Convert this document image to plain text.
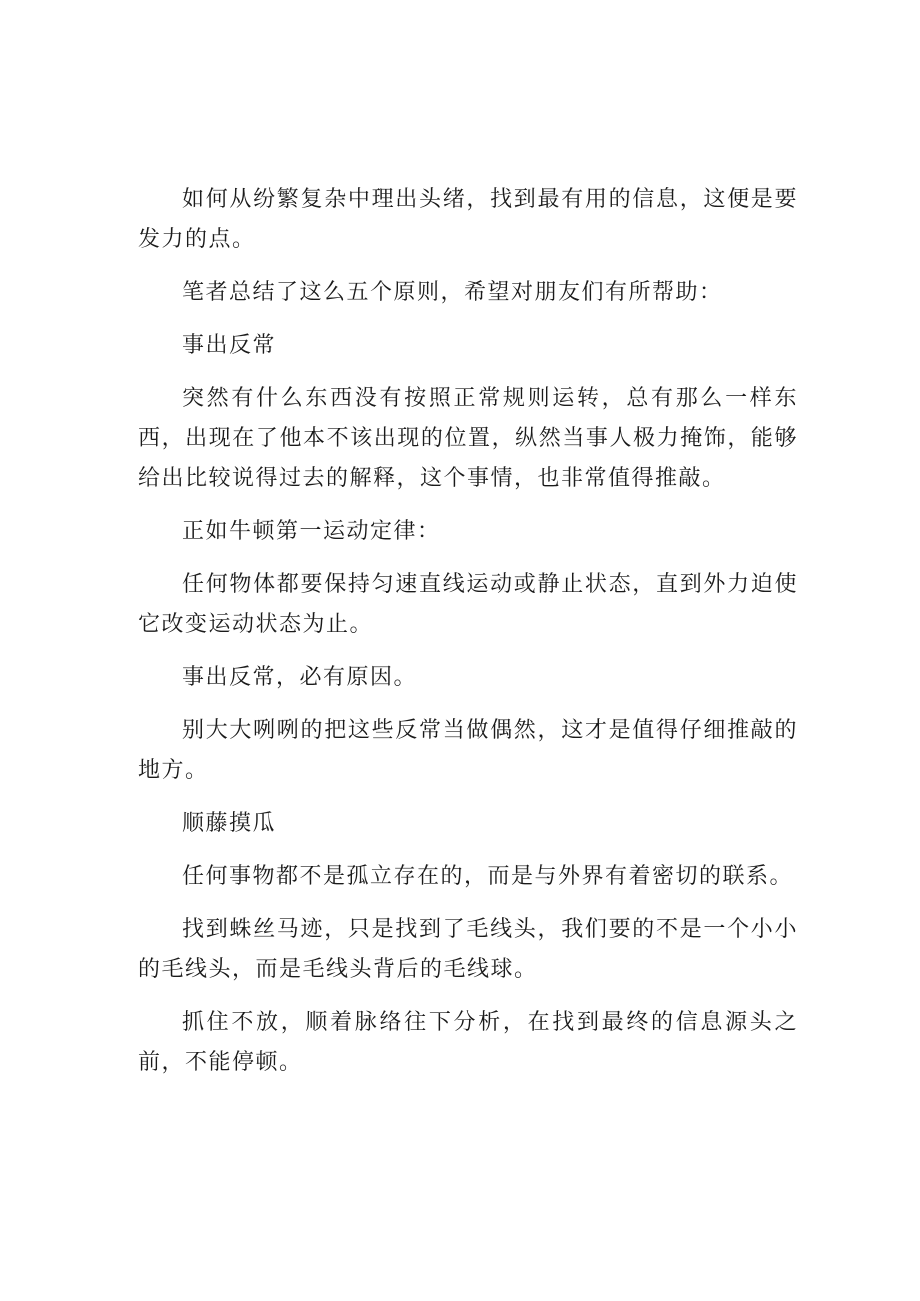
如何从纷繁复杂中理出头绪，找到最有用的信息，这便是要发力的点。

笔者总结了这么五个原则，希望对朋友们有所帮助：

事出反常

突然有什么东西没有按照正常规则运转，总有那么一样东西，出现在了他本不该出现的位置，纵然当事人极力掩饰，能够给出比较说得过去的解释，这个事情，也非常值得推敲。

正如牛顿第一运动定律：

任何物体都要保持匀速直线运动或静止状态，直到外力迫使它改变运动状态为止。

事出反常，必有原因。

别大大咧咧的把这些反常当做偶然，这才是值得仔细推敲的地方。

顺藤摸瓜

任何事物都不是孤立存在的，而是与外界有着密切的联系。

找到蛛丝马迹，只是找到了毛线头，我们要的不是一个小小的毛线头，而是毛线头背后的毛线球。

抓住不放，顺着脉络往下分析，在找到最终的信息源头之前，不能停顿。
